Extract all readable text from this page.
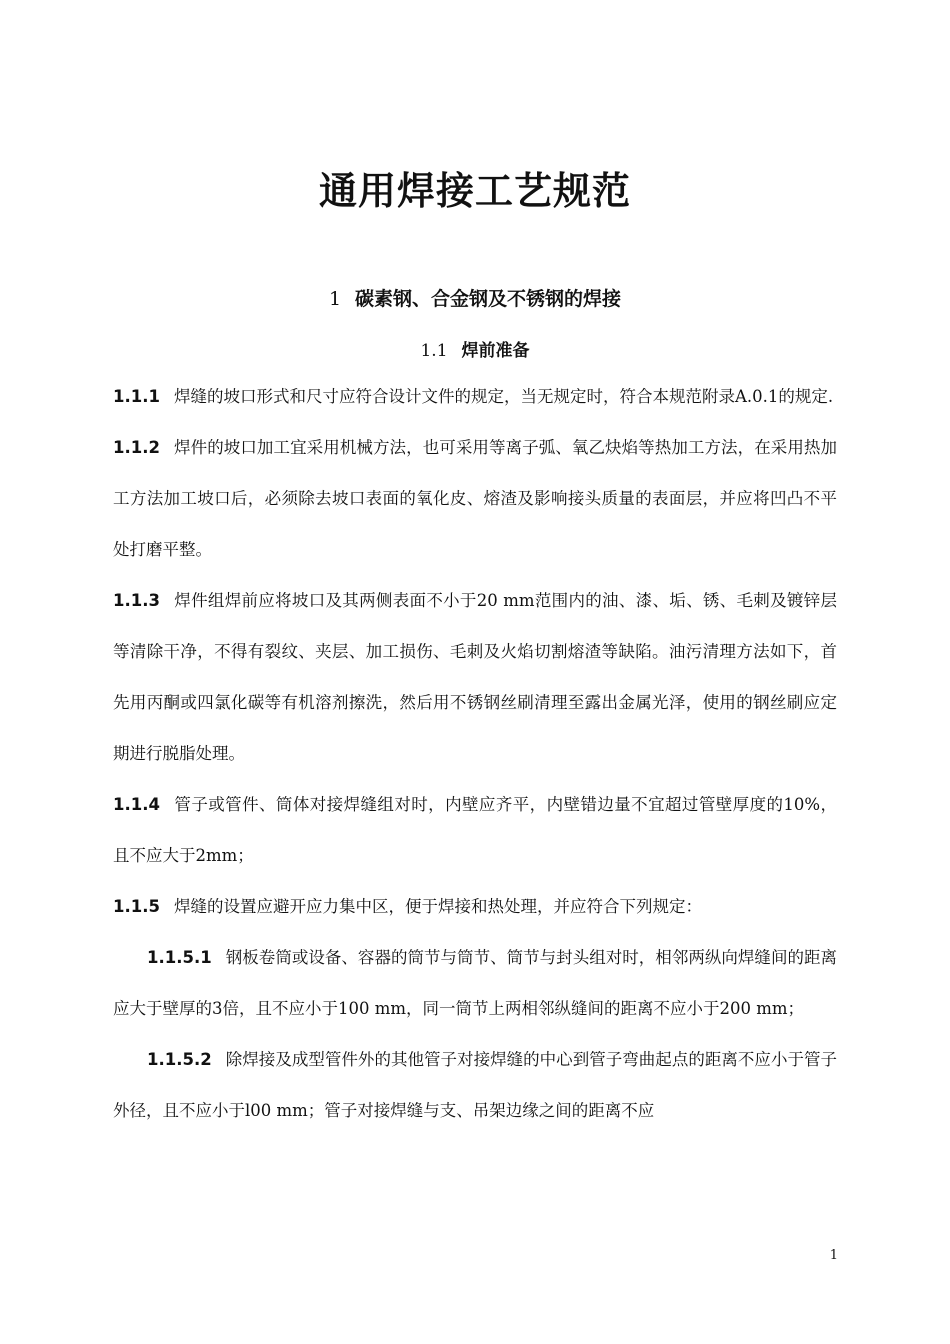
通用焊接工艺规范
1 碳素钢、合金钢及不锈钢的焊接
1.1 焊前准备

1.1.1 焊缝的坡口形式和尺寸应符合设计文件的规定，当无规定时，符合本规范附录A.0.1的规定.

1.1.2 焊件的坡口加工宜采用机械方法，也可采用等离子弧、氧乙炔焰等热加工方法，在采用热加工方法加工坡口后，必须除去坡口表面的氧化皮、熔渣及影响接头质量的表面层，并应将凹凸不平处打磨平整。

1.1.3 焊件组焊前应将坡口及其两侧表面不小于20 mm范围内的油、漆、垢、锈、毛刺及镀锌层等清除干净，不得有裂纹、夹层、加工损伤、毛刺及火焰切割熔渣等缺陷。油污清理方法如下，首先用丙酮或四氯化碳等有机溶剂擦洗，然后用不锈钢丝刷清理至露出金属光泽，使用的钢丝刷应定期进行脱脂处理。

1.1.4 管子或管件、筒体对接焊缝组对时，内壁应齐平，内壁错边量不宜超过管壁厚度的10%，且不应大于2mm；

1.1.5 焊缝的设置应避开应力集中区，便于焊接和热处理，并应符合下列规定：

1.1.5.1 钢板卷筒或设备、容器的筒节与筒节、筒节与封头组对时，相邻两纵向焊缝间的距离应大于壁厚的3倍，且不应小于100 mm，同一筒节上两相邻纵缝间的距离不应小于200 mm；

1.1.5.2 除焊接及成型管件外的其他管子对接焊缝的中心到管子弯曲起点的距离不应小于管子外径，且不应小于l00 mm；管子对接焊缝与支、吊架边缘之间的距离不应

1
